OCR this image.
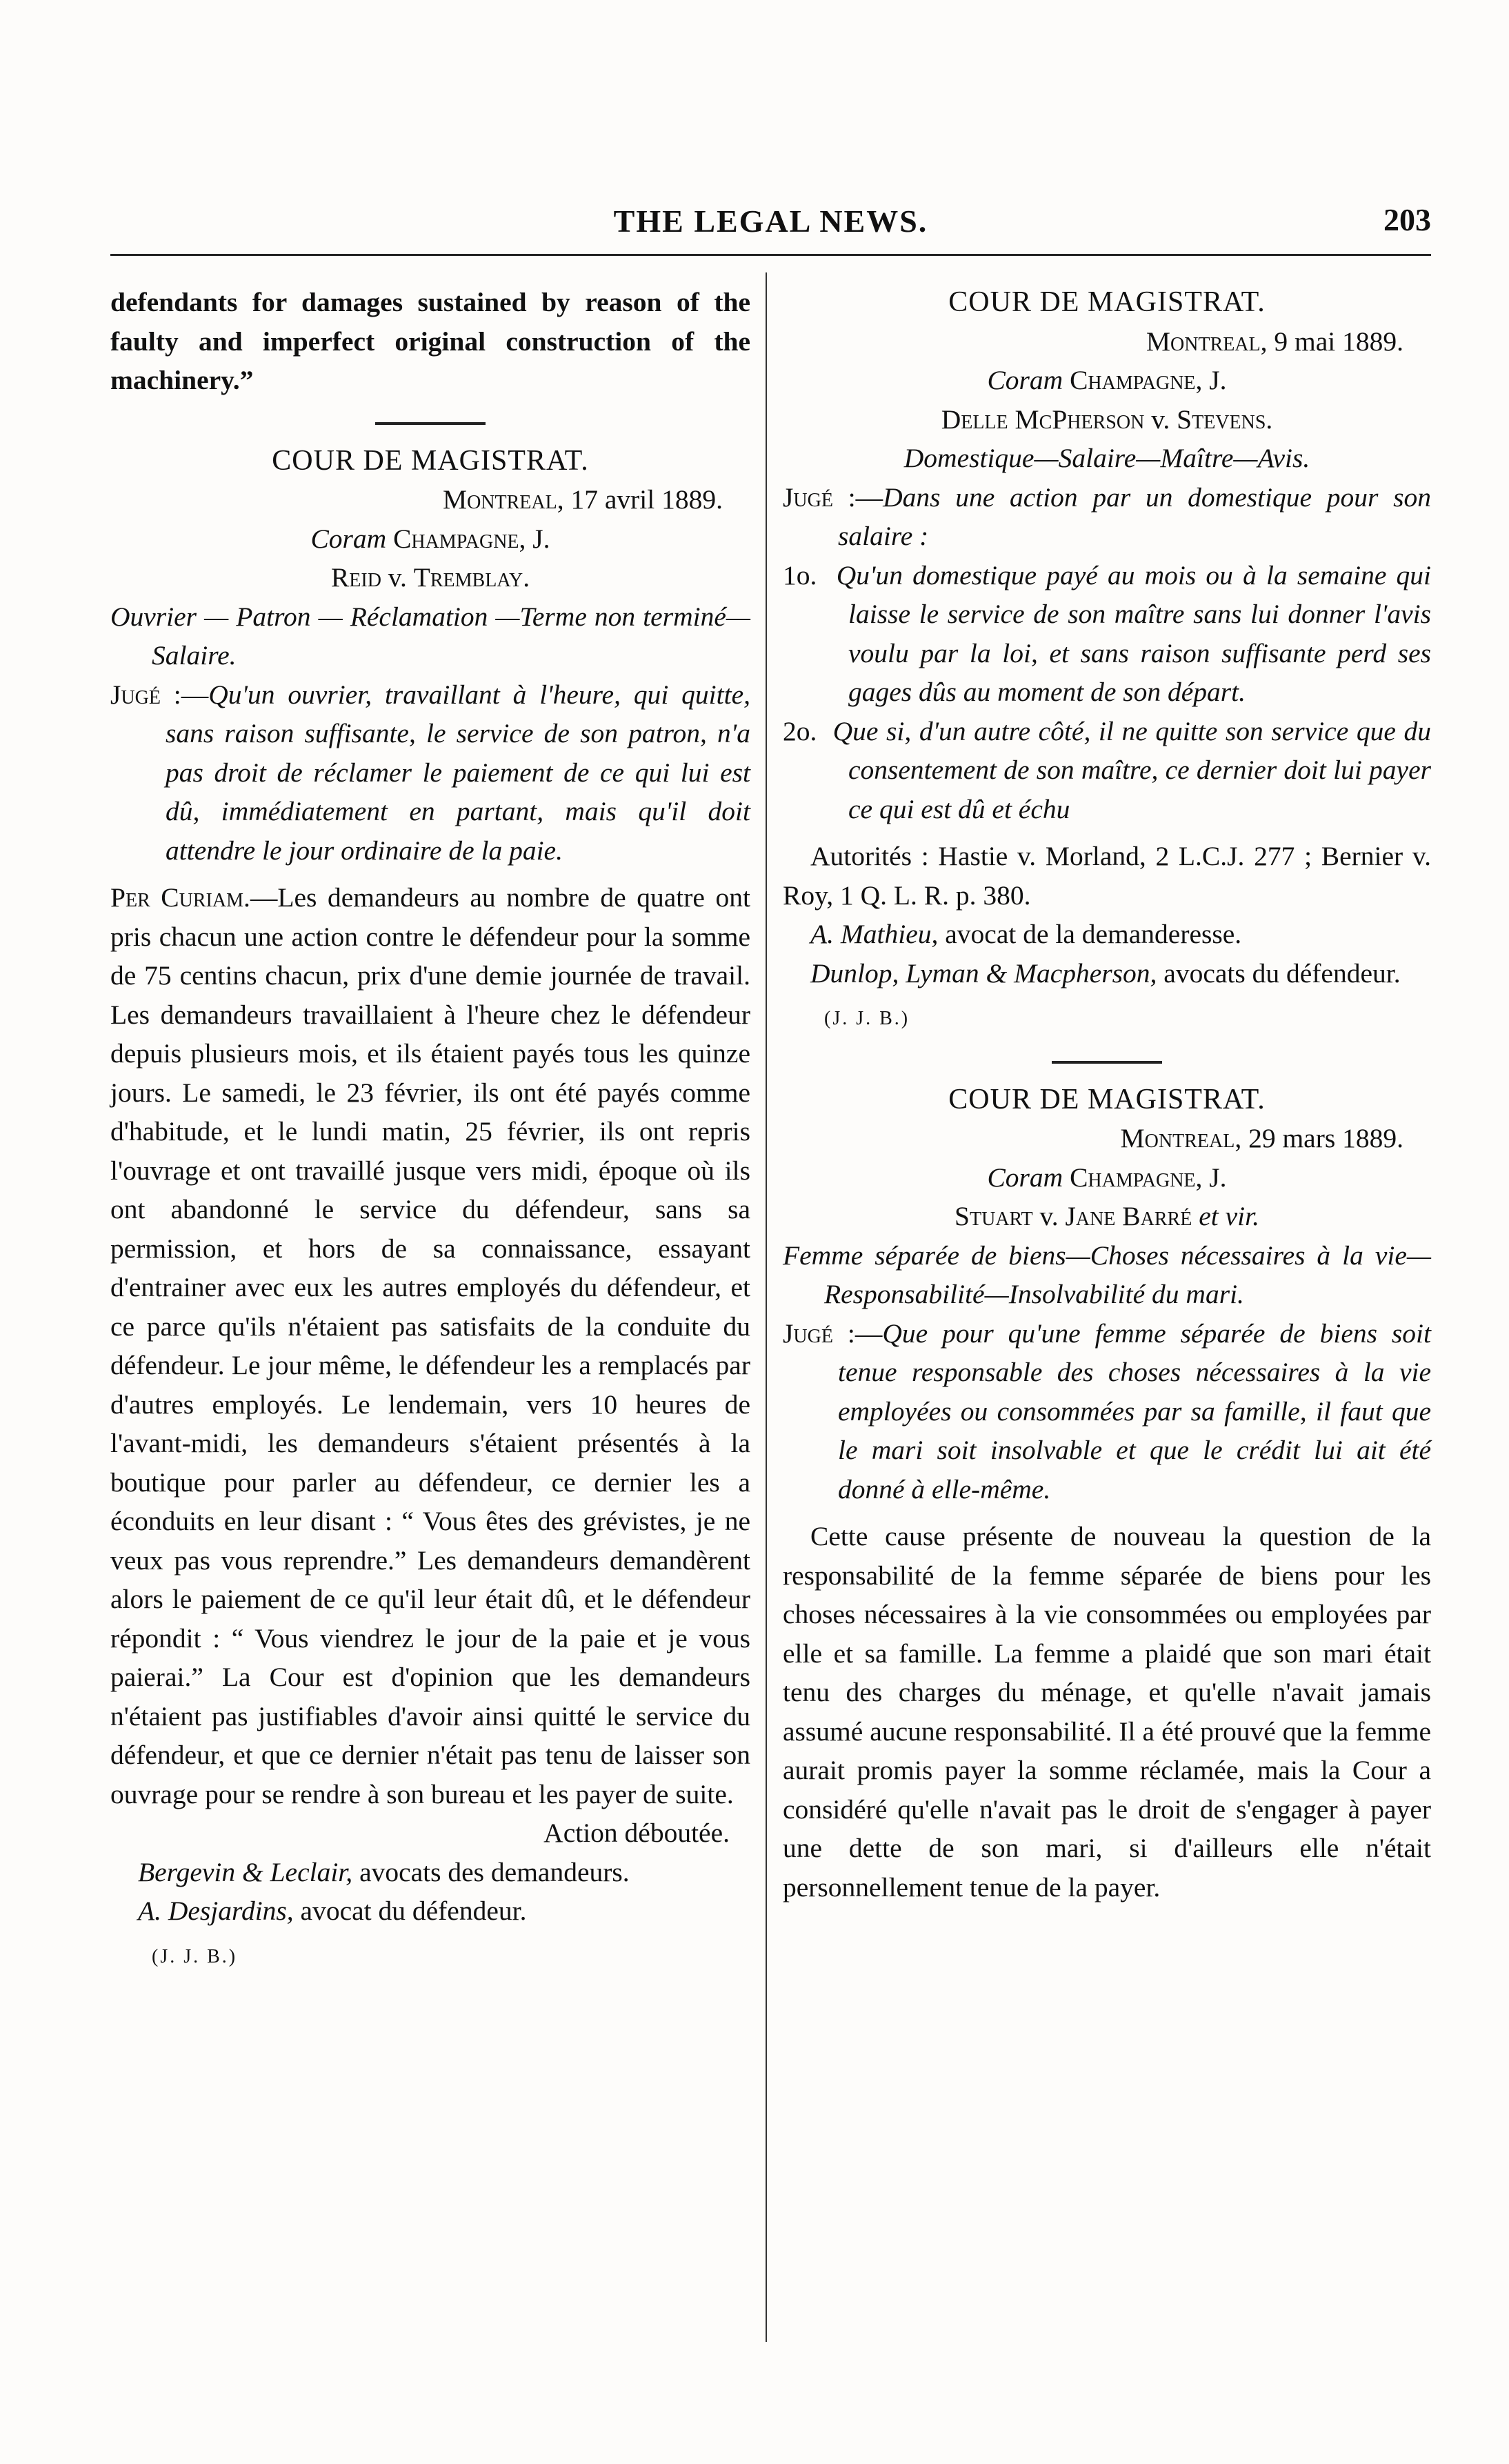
THE LEGAL NEWS.	203

defendants for damages sustained by reason of the faulty and imperfect original construction of the machinery.”

COUR DE MAGISTRAT.

Montreal, 17 avril 1889.

Coram Champagne, J.

Reid v. Tremblay.

Ouvrier — Patron — Réclamation —Terme non terminé—Salaire.

Jugé :—Qu'un ouvrier, travaillant à l'heure, qui quitte, sans raison suffisante, le service de son patron, n'a pas droit de réclamer le paiement de ce qui lui est dû, immédiatement en partant, mais qu'il doit attendre le jour ordinaire de la paie.

Per Curiam.—Les demandeurs au nombre de quatre ont pris chacun une action contre le défendeur pour la somme de 75 centins chacun, prix d'une demie journée de travail. Les demandeurs travaillaient à l'heure chez le défendeur depuis plusieurs mois, et ils étaient payés tous les quinze jours. Le samedi, le 23 février, ils ont été payés comme d'habitude, et le lundi matin, 25 février, ils ont repris l'ouvrage et ont travaillé jusque vers midi, époque où ils ont abandonné le service du défendeur, sans sa permission, et hors de sa connaissance, essayant d'entrainer avec eux les autres employés du défendeur, et ce parce qu'ils n'étaient pas satisfaits de la conduite du défendeur. Le jour même, le défendeur les a remplacés par d'autres employés. Le lendemain, vers 10 heures de l'avant-midi, les demandeurs s'étaient présentés à la boutique pour parler au défendeur, ce dernier les a éconduits en leur disant : “ Vous êtes des grévistes, je ne veux pas vous reprendre.” Les demandeurs demandèrent alors le paiement de ce qu'il leur était dû, et le défendeur répondit : “ Vous viendrez le jour de la paie et je vous paierai.” La Cour est d'opinion que les demandeurs n'étaient pas justifiables d'avoir ainsi quitté le service du défendeur, et que ce dernier n'était pas tenu de laisser son ouvrage pour se rendre à son bureau et les payer de suite.

Action déboutée.

Bergevin & Leclair, avocats des demandeurs.

A. Desjardins, avocat du défendeur.

(J. J. B.)

COUR DE MAGISTRAT.

Montreal, 9 mai 1889.

Coram Champagne, J.

Delle McPherson v. Stevens.

Domestique—Salaire—Maître—Avis.

Jugé :—Dans une action par un domestique pour son salaire :

1o. Qu'un domestique payé au mois ou à la semaine qui laisse le service de son maître sans lui donner l'avis voulu par la loi, et sans raison suffisante perd ses gages dûs au moment de son départ.

2o. Que si, d'un autre côté, il ne quitte son service que du consentement de son maître, ce dernier doit lui payer ce qui est dû et échu

Autorités : Hastie v. Morland, 2 L.C.J. 277 ; Bernier v. Roy, 1 Q. L. R. p. 380.

A. Mathieu, avocat de la demanderesse.

Dunlop, Lyman & Macpherson, avocats du défendeur.

(J. J. B.)

COUR DE MAGISTRAT.

Montreal, 29 mars 1889.

Coram Champagne, J.

Stuart v. Jane Barré et vir.

Femme séparée de biens—Choses nécessaires à la vie—Responsabilité—Insolvabilité du mari.

Jugé :—Que pour qu'une femme séparée de biens soit tenue responsable des choses nécessaires à la vie employées ou consommées par sa famille, il faut que le mari soit insolvable et que le crédit lui ait été donné à elle-même.

Cette cause présente de nouveau la question de la responsabilité de la femme séparée de biens pour les choses nécessaires à la vie consommées ou employées par elle et sa famille. La femme a plaidé que son mari était tenu des charges du ménage, et qu'elle n'avait jamais assumé aucune responsabilité. Il a été prouvé que la femme aurait promis payer la somme réclamée, mais la Cour a considéré qu'elle n'avait pas le droit de s'engager à payer une dette de son mari, si d'ailleurs elle n'était personnellement tenue de la payer.
